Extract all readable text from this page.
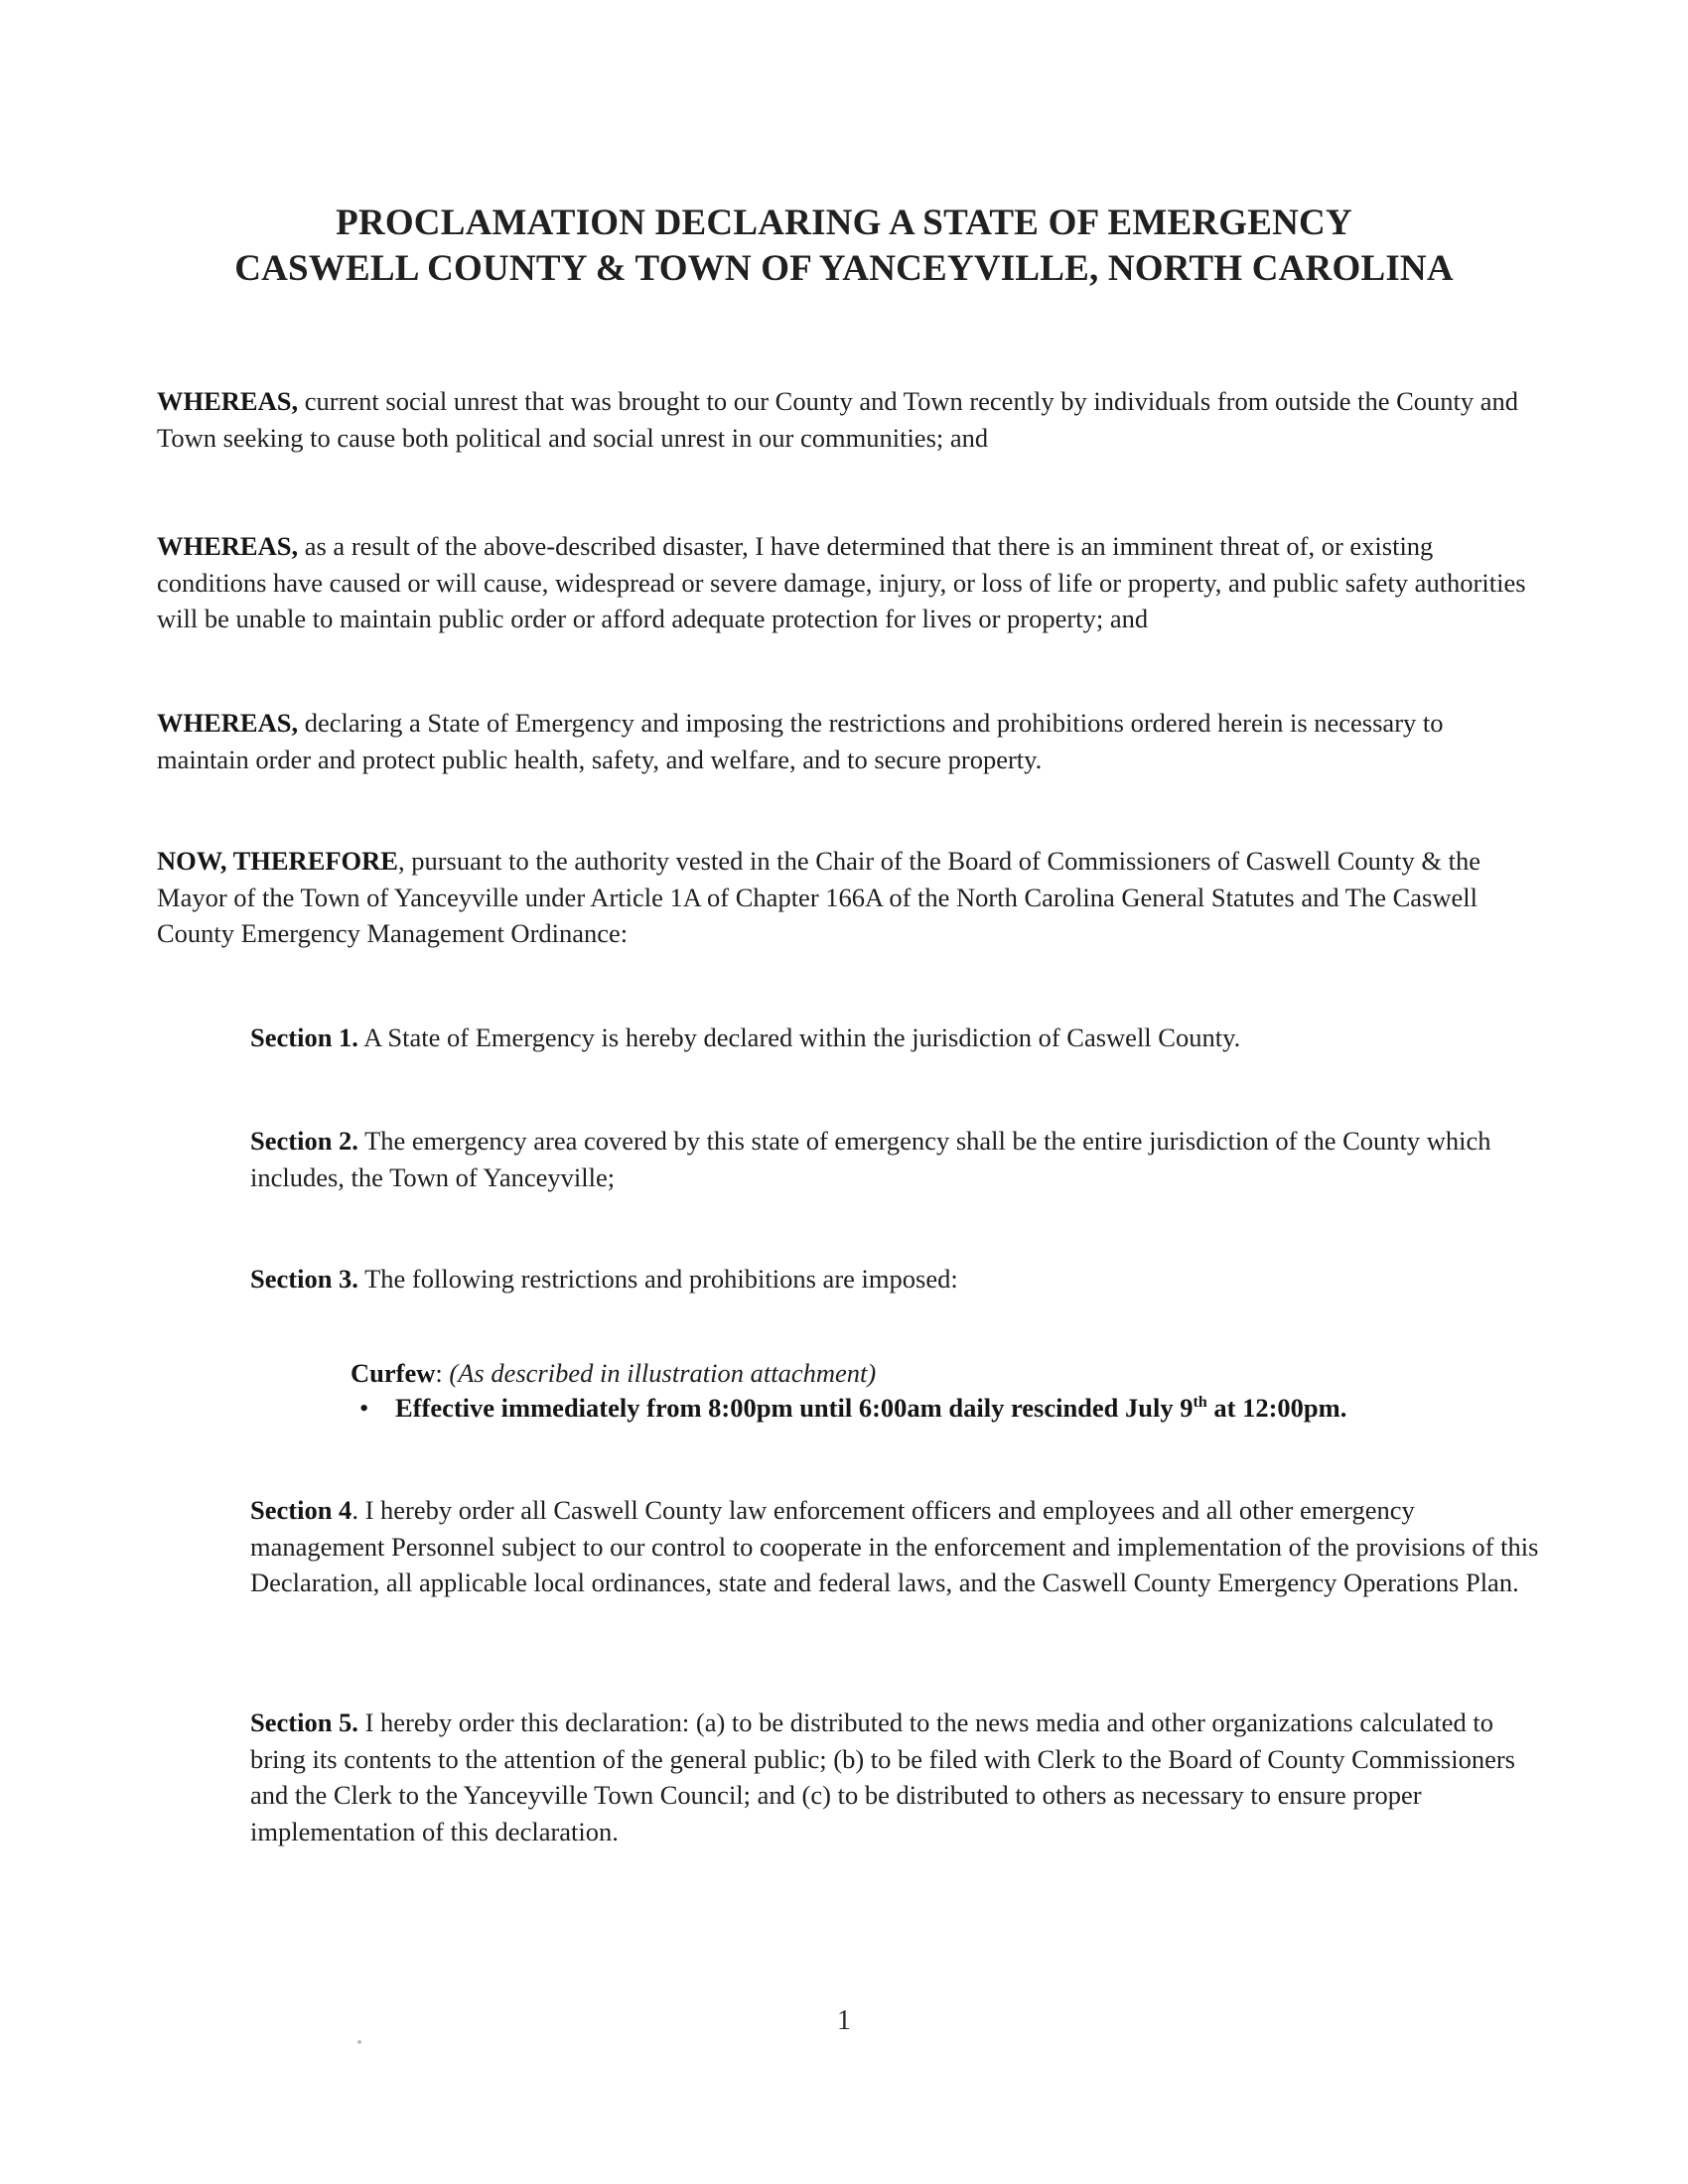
PROCLAMATION DECLARING A STATE OF EMERGENCY
CASWELL COUNTY & TOWN OF YANCEYVILLE, NORTH CAROLINA
WHEREAS, current social unrest that was brought to our County and Town recently by individuals from outside the County and Town seeking to cause both political and social unrest in our communities; and
WHEREAS, as a result of the above-described disaster, I have determined that there is an imminent threat of, or existing conditions have caused or will cause, widespread or severe damage, injury, or loss of life or property, and public safety authorities will be unable to maintain public order or afford adequate protection for lives or property; and
WHEREAS, declaring a State of Emergency and imposing the restrictions and prohibitions ordered herein is necessary to maintain order and protect public health, safety, and welfare, and to secure property.
NOW, THEREFORE, pursuant to the authority vested in the Chair of the Board of Commissioners of Caswell County & the Mayor of the Town of Yanceyville under Article 1A of Chapter 166A of the North Carolina General Statutes and The Caswell County Emergency Management Ordinance:
Section 1. A State of Emergency is hereby declared within the jurisdiction of Caswell County.
Section 2. The emergency area covered by this state of emergency shall be the entire jurisdiction of the County which includes, the Town of Yanceyville;
Section 3. The following restrictions and prohibitions are imposed:
Curfew: (As described in illustration attachment)
• Effective immediately from 8:00pm until 6:00am daily rescinded July 9th at 12:00pm.
Section 4. I hereby order all Caswell County law enforcement officers and employees and all other emergency management Personnel subject to our control to cooperate in the enforcement and implementation of the provisions of this Declaration, all applicable local ordinances, state and federal laws, and the Caswell County Emergency Operations Plan.
Section 5. I hereby order this declaration: (a) to be distributed to the news media and other organizations calculated to bring its contents to the attention of the general public; (b) to be filed with Clerk to the Board of County Commissioners and the Clerk to the Yanceyville Town Council; and (c) to be distributed to others as necessary to ensure proper implementation of this declaration.
1
